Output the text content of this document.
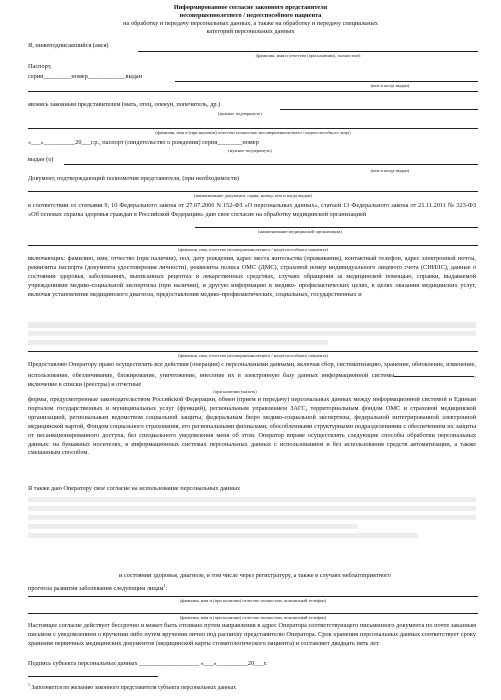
Информированное согласие законного представителя
несовершеннолетнего / недееспособного пациента
на обработку и передачу персональных данных, а также на обработку и передачу специальных
категорий персональных данных
Я, нижеподписавшийся (аяся)
(фамилия, имя и отчество (при наличии), полностью)
Паспорт,
серия_________номер____________выдан
(кем и когда выдан)
являясь законным представителем (мать, отец, опекун, попечитель, др.)
(нужное подчеркнуть)
(фамилия, имя и (при наличии) отчество полностью несовершеннолетнего / недееспособного лица)
«___»__________20___г.р., паспорт (свидетельство о рождении) серия________номер
(нужное подчеркнуть)
выдан (о)
(кем и когда выдан)
Документ, подтверждающий полномочия представителя, (при необходимости)
(наименование документа, серия, номер, кем и когда выдан)
в соответствии со статьями 9, 10 Федерального закона от 27.07.2006 N 152-ФЗ «О персональных данных», статьей 13 Федерального закона от 21.11.2011 № 323-ФЗ «Об основах охраны здоровья граждан в Российской Федерации» даю свое согласие на обработку медицинской организацией
(наименование медицинской организации)
(фамилия, имя, отчество несовершеннолетнего / недееспособного пациента)
включающих: фамилию, имя, отчество (при наличии), пол, дату рождения, адрес места жительства (проживания), контактный телефон, адрес электронной почты, реквизиты паспорта (документа удостоверения личности), реквизиты полиса ОМС (ДМС), страховой номер индивидуального лицевого счета (СНИЛС), данные о состоянии здоровья, заболеваниях, выписанных рецептах и лекарственных средствах, случаях обращения за медицинской помощью, справки, выдаваемой учреждениями медико-социальной экспертизы (при наличии), и другую информацию в медико- профилактических целях, в целях оказания медицинских услуг, включая установление медицинского диагноза, предоставления медико-профилактических, социальных, государственных и
(фамилия, имя, отчество несовершеннолетнего / недееспособного пациента)
Предоставляю Оператору право осуществлять все действия (операции) с персональными данными, включая сбор, систематизацию, хранение, обновление, изменение, использование, обезличивание, блокирование, уничтожение, внесение их в электронную базу данных информационной системы	, включение в списки (реестры) и отчетные
(при наличии указать)
формы, предусмотренные законодательством Российской Федерации, обмен (прием и передачу) персональных данных между информационной системой и Единым порталом государственных и муниципальных услуг (функций), региональным управлением ЗАГС, территориальным фондом ОМС и страховой медицинской организацией, региональным ведомством социальной защиты, федеральным бюро медико-социальной экспертизы, федеральной интегрированной электронной медицинской картой, Фондом социального страхования, его региональными филиалами, обособленными структурными подразделениями с обеспечением их защиты от несанкционированного доступа, без специального уведомления меня об этом. Оператор вправе осуществлять следующие способы обработки персональных данных: на бумажных носителях, в информационных системах персональных данных с использованием и без использования средств автоматизации, а также смешанным способом.
Я также даю Оператору свое согласие на использование персональных данных
и состоянии здоровья, диагнозе, в том числе через регистратуру, а также в случаях неблагоприятного
прогноза развития заболевания следующим лицам$^1$:
(фамилия, имя и (при наличии) отчество полностью, контактный телефон)
(фамилия, имя и (при наличии) отчество полностью, контактный телефон)
Настоящее согласие действует бессрочно и может быть отозвано путем направления в адрес Оператора соответствующего письменного документа по почте заказным письмом с уведомлением о вручении либо путем вручения лично под расписку представителю Оператора. Срок хранения персональных данных соответствует сроку хранения первичных медицинских документов (медицинской карты стоматологического пациента) и составляет двадцать пять лет.
Подпись субъекта персональных данных ___________________ «___»__________20___г.
$^1$ Заполняется по желанию законного представителя субъекта персональных данных
